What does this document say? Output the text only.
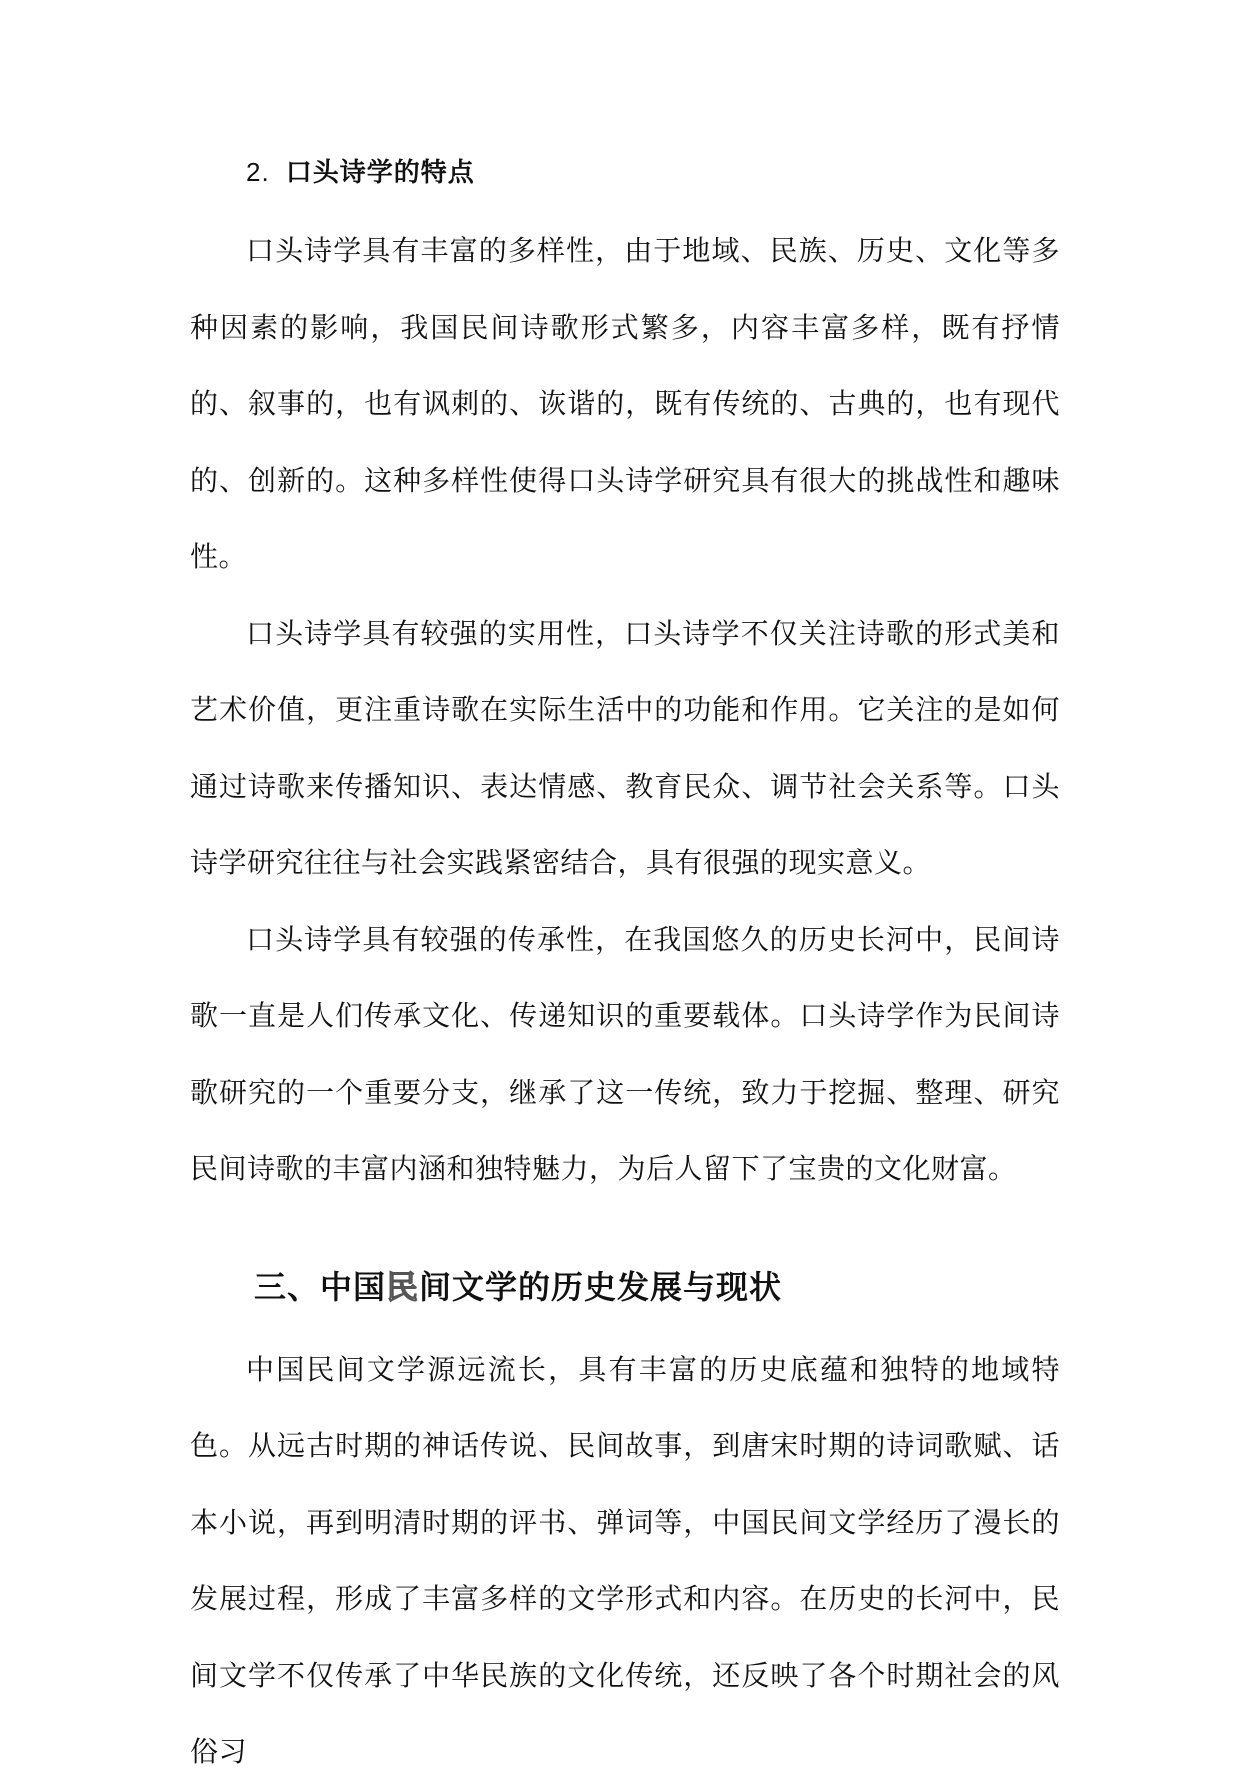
2. 口头诗学的特点

口头诗学具有丰富的多样性，由于地域、民族、历史、文化等多种因素的影响，我国民间诗歌形式繁多，内容丰富多样，既有抒情的、叙事的，也有讽刺的、诙谐的，既有传统的、古典的，也有现代的、创新的。这种多样性使得口头诗学研究具有很大的挑战性和趣味性。

口头诗学具有较强的实用性，口头诗学不仅关注诗歌的形式美和艺术价值，更注重诗歌在实际生活中的功能和作用。它关注的是如何通过诗歌来传播知识、表达情感、教育民众、调节社会关系等。口头诗学研究往往与社会实践紧密结合，具有很强的现实意义。

口头诗学具有较强的传承性，在我国悠久的历史长河中，民间诗歌一直是人们传承文化、传递知识的重要载体。口头诗学作为民间诗歌研究的一个重要分支，继承了这一传统，致力于挖掘、整理、研究民间诗歌的丰富内涵和独特魅力，为后人留下了宝贵的文化财富。

三、中国民间文学的历史发展与现状

中国民间文学源远流长，具有丰富的历史底蕴和独特的地域特色。从远古时期的神话传说、民间故事，到唐宋时期的诗词歌赋、话本小说，再到明清时期的评书、弹词等，中国民间文学经历了漫长的发展过程，形成了丰富多样的文学形式和内容。在历史的长河中，民间文学不仅传承了中华民族的文化传统，还反映了各个时期社会的风俗习
